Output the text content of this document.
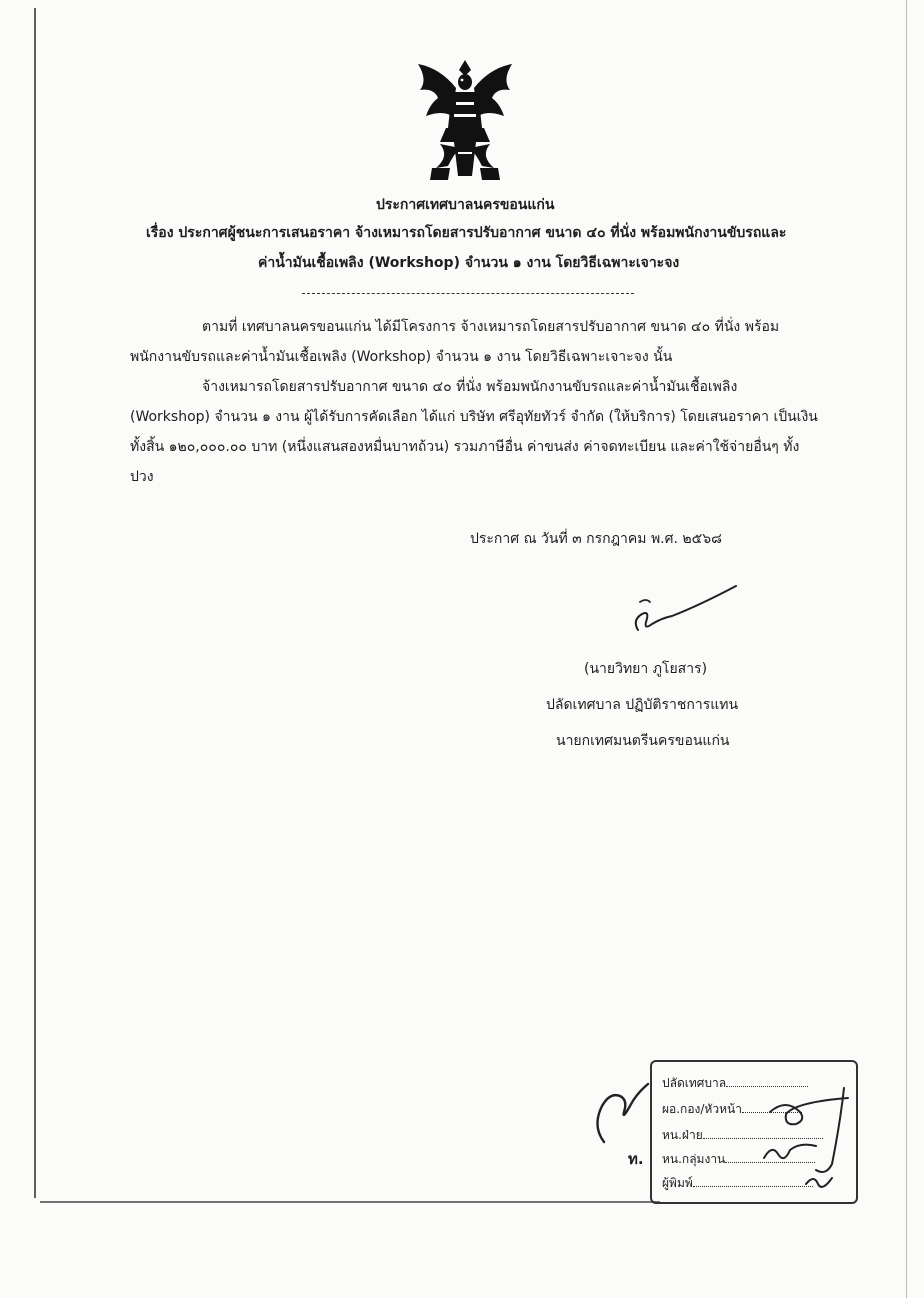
ประกาศเทศบาลนครขอนแก่น
เรื่อง ประกาศผู้ชนะการเสนอราคา จ้างเหมารถโดยสารปรับอากาศ ขนาด ๔๐ ที่นั่ง พร้อมพนักงานขับรถและ
ค่าน้ำมันเชื้อเพลิง (Workshop) จำนวน ๑ งาน โดยวิธีเฉพาะเจาะจง
ตามที่ เทศบาลนครขอนแก่น ได้มีโครงการ จ้างเหมารถโดยสารปรับอากาศ ขนาด ๔๐ ที่นั่ง พร้อม
พนักงานขับรถและค่าน้ำมันเชื้อเพลิง (Workshop) จำนวน ๑ งาน โดยวิธีเฉพาะเจาะจง นั้น
จ้างเหมารถโดยสารปรับอากาศ ขนาด ๔๐ ที่นั่ง พร้อมพนักงานขับรถและค่าน้ำมันเชื้อเพลิง
(Workshop) จำนวน ๑ งาน ผู้ได้รับการคัดเลือก ได้แก่ บริษัท ศรีอุทัยทัวร์ จำกัด (ให้บริการ) โดยเสนอราคา เป็นเงิน
ทั้งสิ้น ๑๒๐,๐๐๐.๐๐ บาท (หนึ่งแสนสองหมื่นบาทถ้วน) รวมภาษีอื่น ค่าขนส่ง ค่าจดทะเบียน และค่าใช้จ่ายอื่นๆ ทั้ง
ปวง
ประกาศ ณ วันที่ ๓ กรกฎาคม พ.ศ. ๒๕๖๘
(นายวิทยา ภูโยสาร)
ปลัดเทศบาล ปฏิบัติราชการแทน
นายกเทศมนตรีนครขอนแก่น
ท.
ปลัดเทศบาล
ผอ.กอง/หัวหน้า
หน.ฝ่าย
หน.กลุ่มงาน
ผู้พิมพ์
